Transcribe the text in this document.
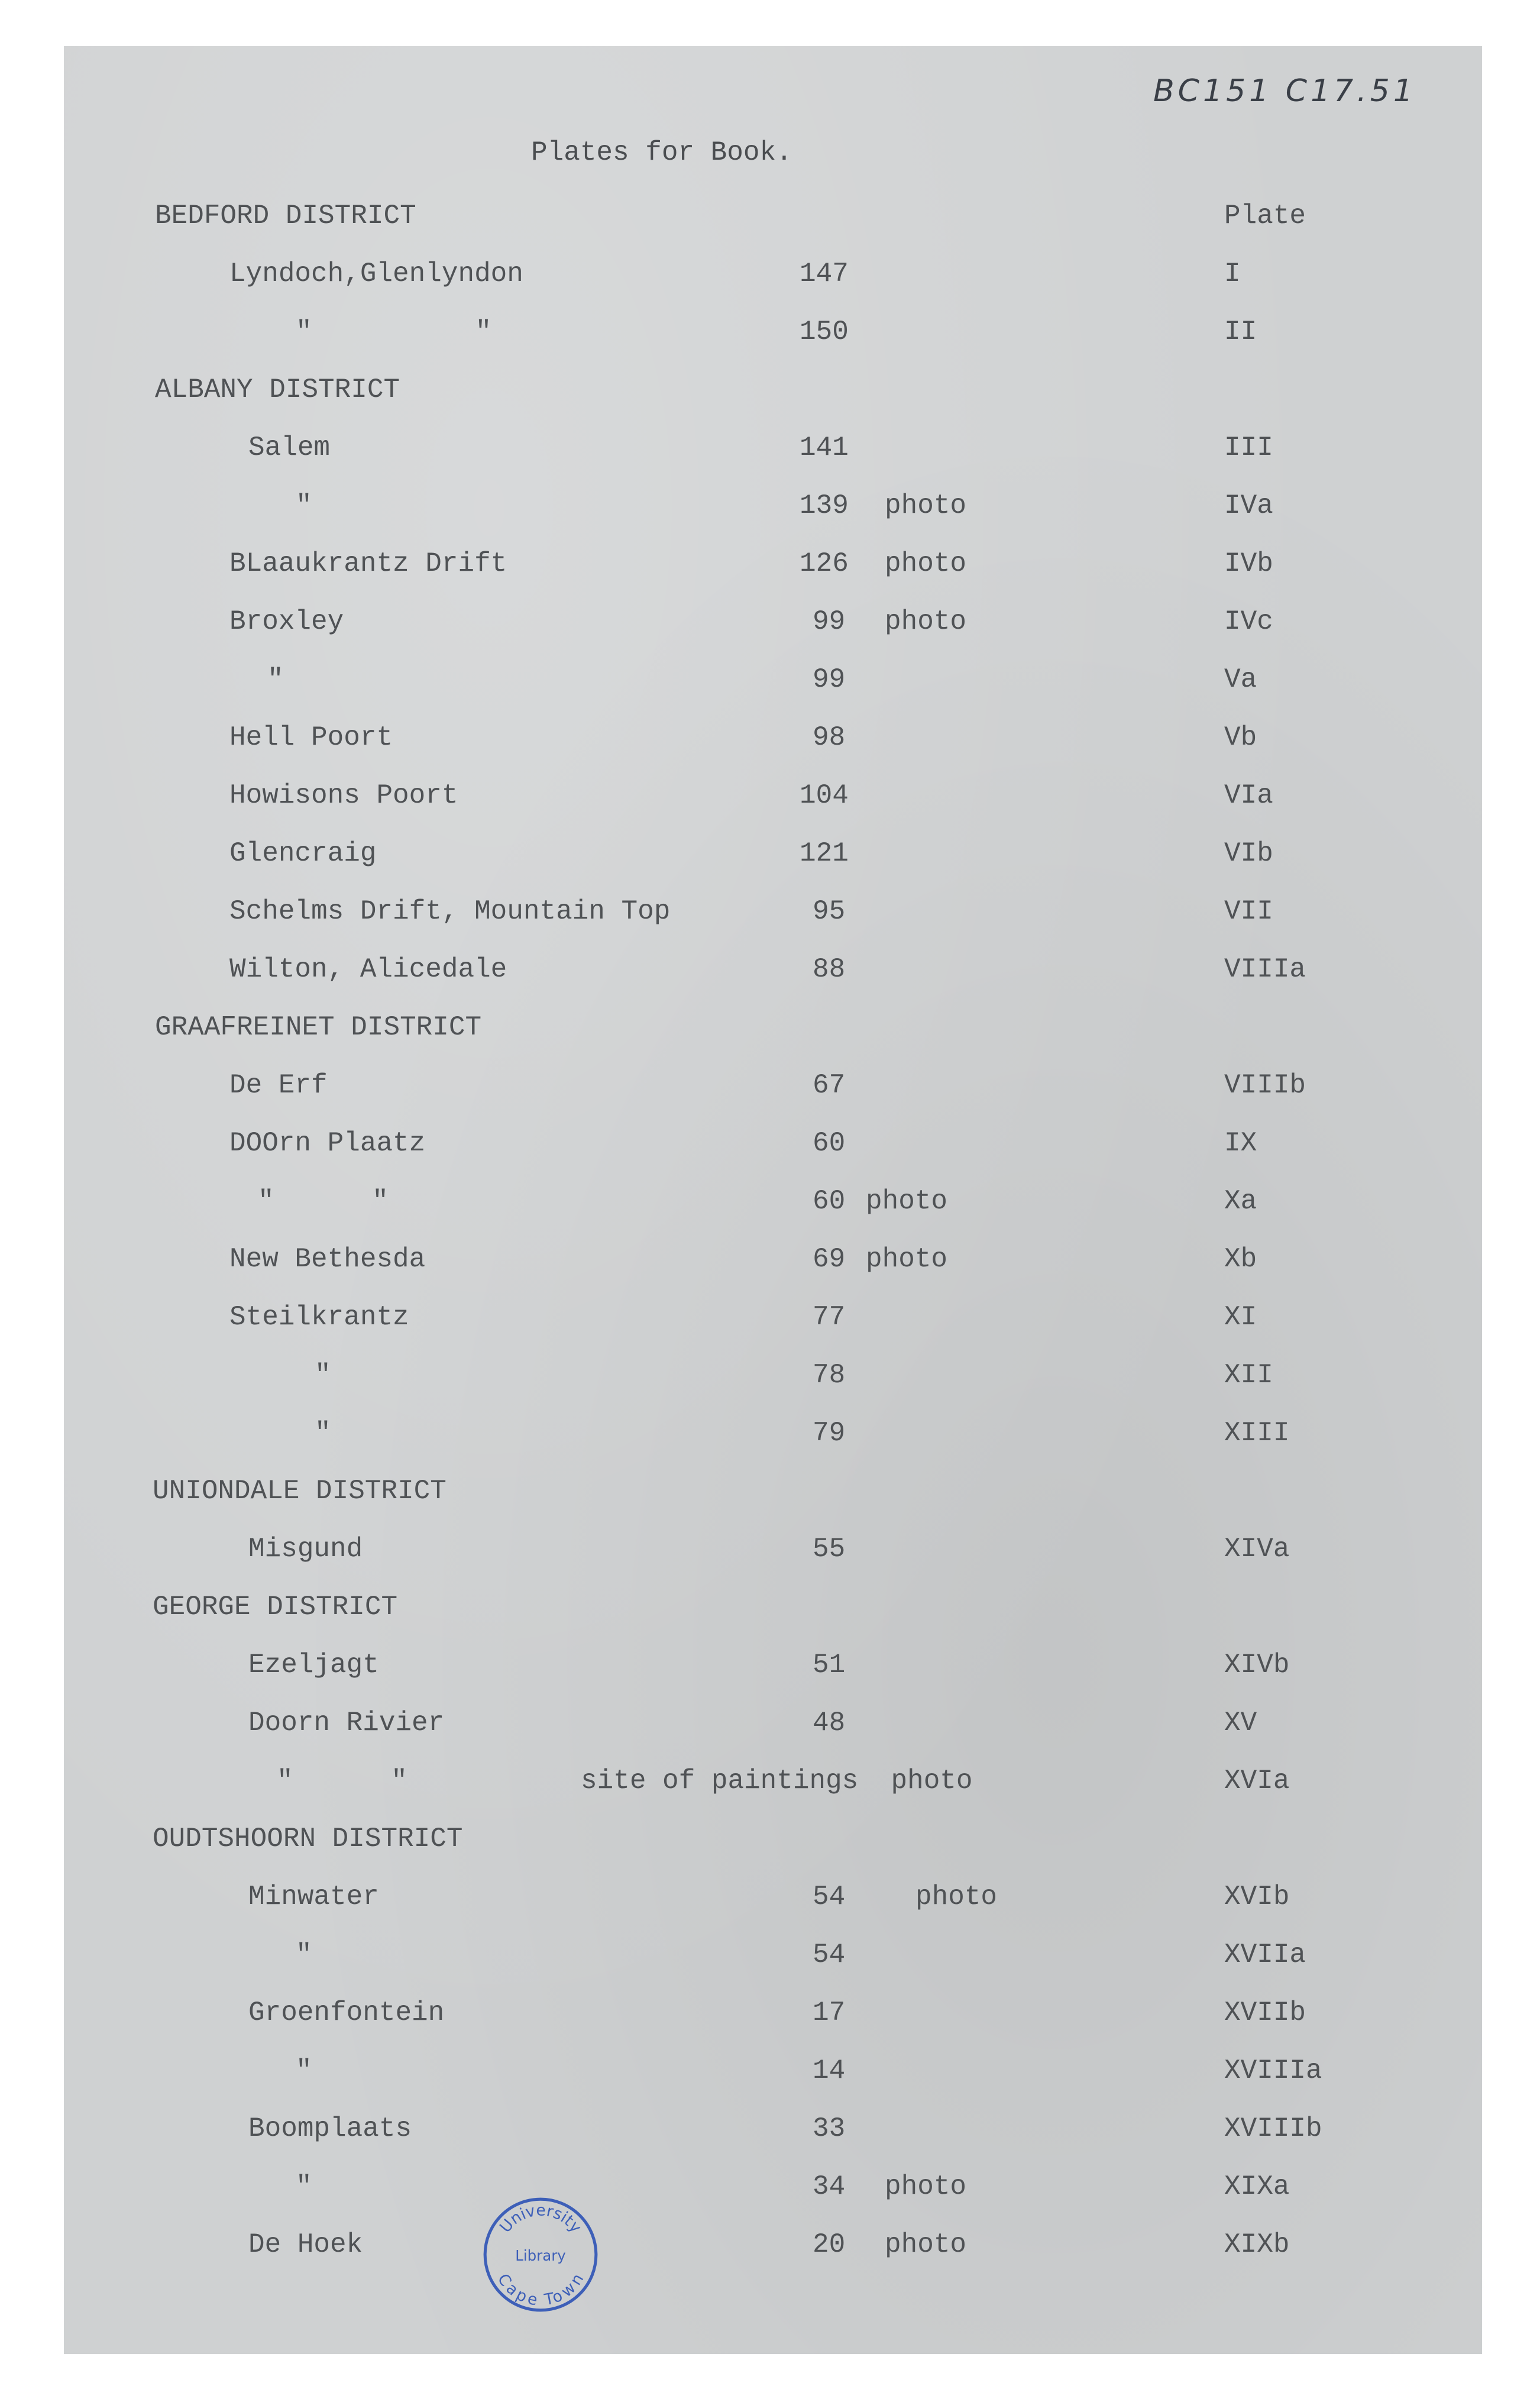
BC151 C17.51
Plates for Book.
BEDFORD DISTRICT	Plate
Lyndoch,Glenlyndon	147	I
"          "	150	II
ALBANY DISTRICT
Salem	141	III
"	139 photo	IVa
BLaaukrantz Drift	126 photo	IVb
Broxley	99 photo	IVc
"	99	Va
Hell Poort	98	Vb
Howisons Poort	104	VIa
Glencraig	121	VIb
Schelms Drift, Mountain Top	95	VII
Wilton, Alicedale	88	VIIIa
GRAAFREINET DISTRICT
De Erf	67	VIIIb
DOOrn Plaatz	60	IX
"      "	60 photo	Xa
New Bethesda	69 photo	Xb
Steilkrantz	77	XI
"	78	XII
"	79	XIII
UNIONDALE DISTRICT
Misgund	55	XIVa
GEORGE DISTRICT
Ezeljagt	51	XIVb
Doorn Rivier	48	XV
"      "	site of paintings  photo	XVIa
OUDTSHOORN DISTRICT
Minwater	54	photo	XVIb
"	54	XVIIa
Groenfontein	17	XVIIb
"	14	XVIIIa
Boomplaats	33	XVIIIb
"	34 photo	XIXa
De Hoek	20 photo	XIXb
University
Library
Cape Town
